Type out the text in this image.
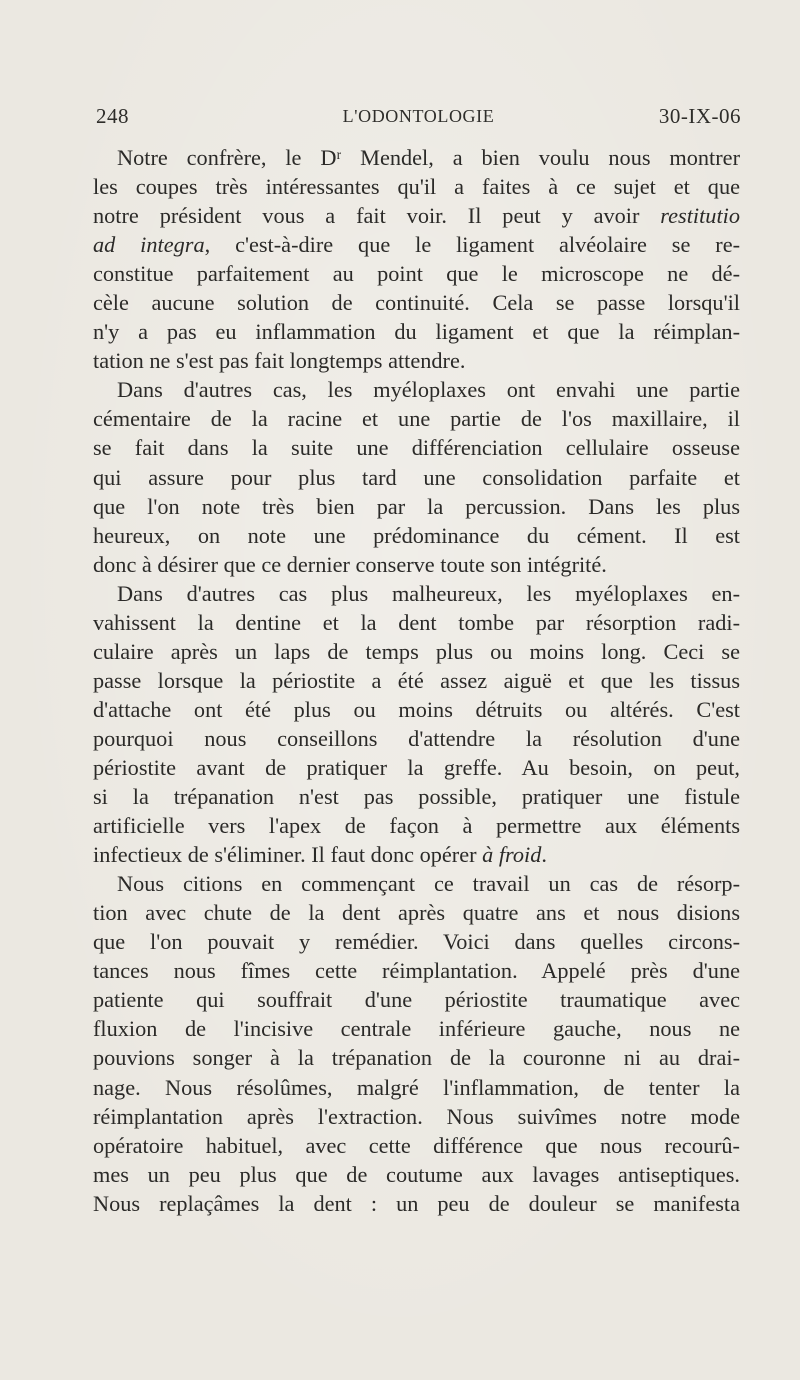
248	L'ODONTOLOGIE	30-IX-06
Notre confrère, le Dʳ Mendel, a bien voulu nous montrer
les coupes très intéressantes qu'il a faites à ce sujet et que
notre président vous a fait voir. Il peut y avoir restitutio
ad integra, c'est-à-dire que le ligament alvéolaire se re-
constitue parfaitement au point que le microscope ne dé-
cèle aucune solution de continuité. Cela se passe lorsqu'il
n'y a pas eu inflammation du ligament et que la réimplan-
tation ne s'est pas fait longtemps attendre.
Dans d'autres cas, les myéloplaxes ont envahi une partie
cémentaire de la racine et une partie de l'os maxillaire, il
se fait dans la suite une différenciation cellulaire osseuse
qui assure pour plus tard une consolidation parfaite et
que l'on note très bien par la percussion. Dans les plus
heureux, on note une prédominance du cément. Il est
donc à désirer que ce dernier conserve toute son intégrité.
Dans d'autres cas plus malheureux, les myéloplaxes en-
vahissent la dentine et la dent tombe par résorption radi-
culaire après un laps de temps plus ou moins long. Ceci se
passe lorsque la périostite a été assez aiguë et que les tissus
d'attache ont été plus ou moins détruits ou altérés. C'est
pourquoi nous conseillons d'attendre la résolution d'une
périostite avant de pratiquer la greffe. Au besoin, on peut,
si la trépanation n'est pas possible, pratiquer une fistule
artificielle vers l'apex de façon à permettre aux éléments
infectieux de s'éliminer. Il faut donc opérer à froid.
Nous citions en commençant ce travail un cas de résorp-
tion avec chute de la dent après quatre ans et nous disions
que l'on pouvait y remédier. Voici dans quelles circons-
tances nous fîmes cette réimplantation. Appelé près d'une
patiente qui souffrait d'une périostite traumatique avec
fluxion de l'incisive centrale inférieure gauche, nous ne
pouvions songer à la trépanation de la couronne ni au drai-
nage. Nous résolûmes, malgré l'inflammation, de tenter la
réimplantation après l'extraction. Nous suivîmes notre mode
opératoire habituel, avec cette différence que nous recourû-
mes un peu plus que de coutume aux lavages antiseptiques.
Nous replaçâmes la dent : un peu de douleur se manifesta
